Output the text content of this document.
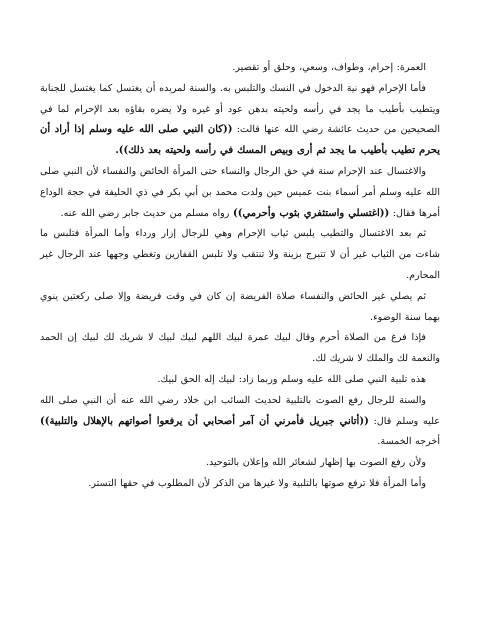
العمرة: إحرام، وطواف، وسعي، وحلق أو تقصير.

فأما الإحرام فهو نية الدخول في النسك والتلبس به. والسنة لمريده أن يغتسل كما يغتسل للجنابة ويتطيب بأطيب ما يجد في رأسه ولحيته بدهن عود أو غيره ولا يضره بقاؤه بعد الإحرام لما في الصحيحين من حديث عائشة رضي الله عنها قالت: ((كان النبي صلى الله عليه وسلم إذا أراد أن يحرم تطيب بأطيب ما يجد ثم أرى وبيص المسك في رأسه ولحيته بعد ذلك)).

والاغتسال عند الإحرام سنة في حق الرجال والنساء حتى المرأة الحائض والنفساء لأن النبي صلى الله عليه وسلم أمر أسماء بنت عميس حين ولدت محمد بن أبي بكر في ذي الحليفة في حجة الوداع أمرها فقال: ((اغتسلي واستثفري بثوب وأحرمي)) رواه مسلم من حديث جابر رضي الله عنه.

ثم بعد الاغتسال والتطيب يلبس ثياب الإحرام وهي للرجال إزار ورداء وأما المرأة فتلبس ما شاءت من الثياب غير أن لا تتبرج بزينة ولا تنتقب ولا تلبس القفازين وتغطي وجهها عند الرجال غير المحارم.

ثم يصلي غير الحائض والنفساء صلاة الفريضة إن كان في وقت فريضة وإلا صلى ركعتين ينوي بهما سنة الوضوء.

فإذا فرغ من الصلاة أحرم وقال لبيك عمرة لبيك اللهم لبيك لبيك لا شريك لك لبيك إن الحمد والنعمة لك والملك لا شريك لك.

هذه تلبية النبي صلى الله عليه وسلم وربما زاد: لبيك إله الحق لبيك.

والسنة للرجال رفع الصوت بالتلبية لحديث السائب ابن خلاد رضي الله عنه أن النبي صلى الله عليه وسلم قال: ((أتاني جبريل فأمرني أن آمر أصحابي أن يرفعوا أصواتهم بالإهلال والتلبية)) أخرجه الخمسة.

ولأن رفع الصوت بها إظهار لشعائر الله وإعلان بالتوحيد.

وأما المرأة فلا ترفع صوتها بالتلبية ولا غيرها من الذكر لأن المطلوب في حقها التستر.
